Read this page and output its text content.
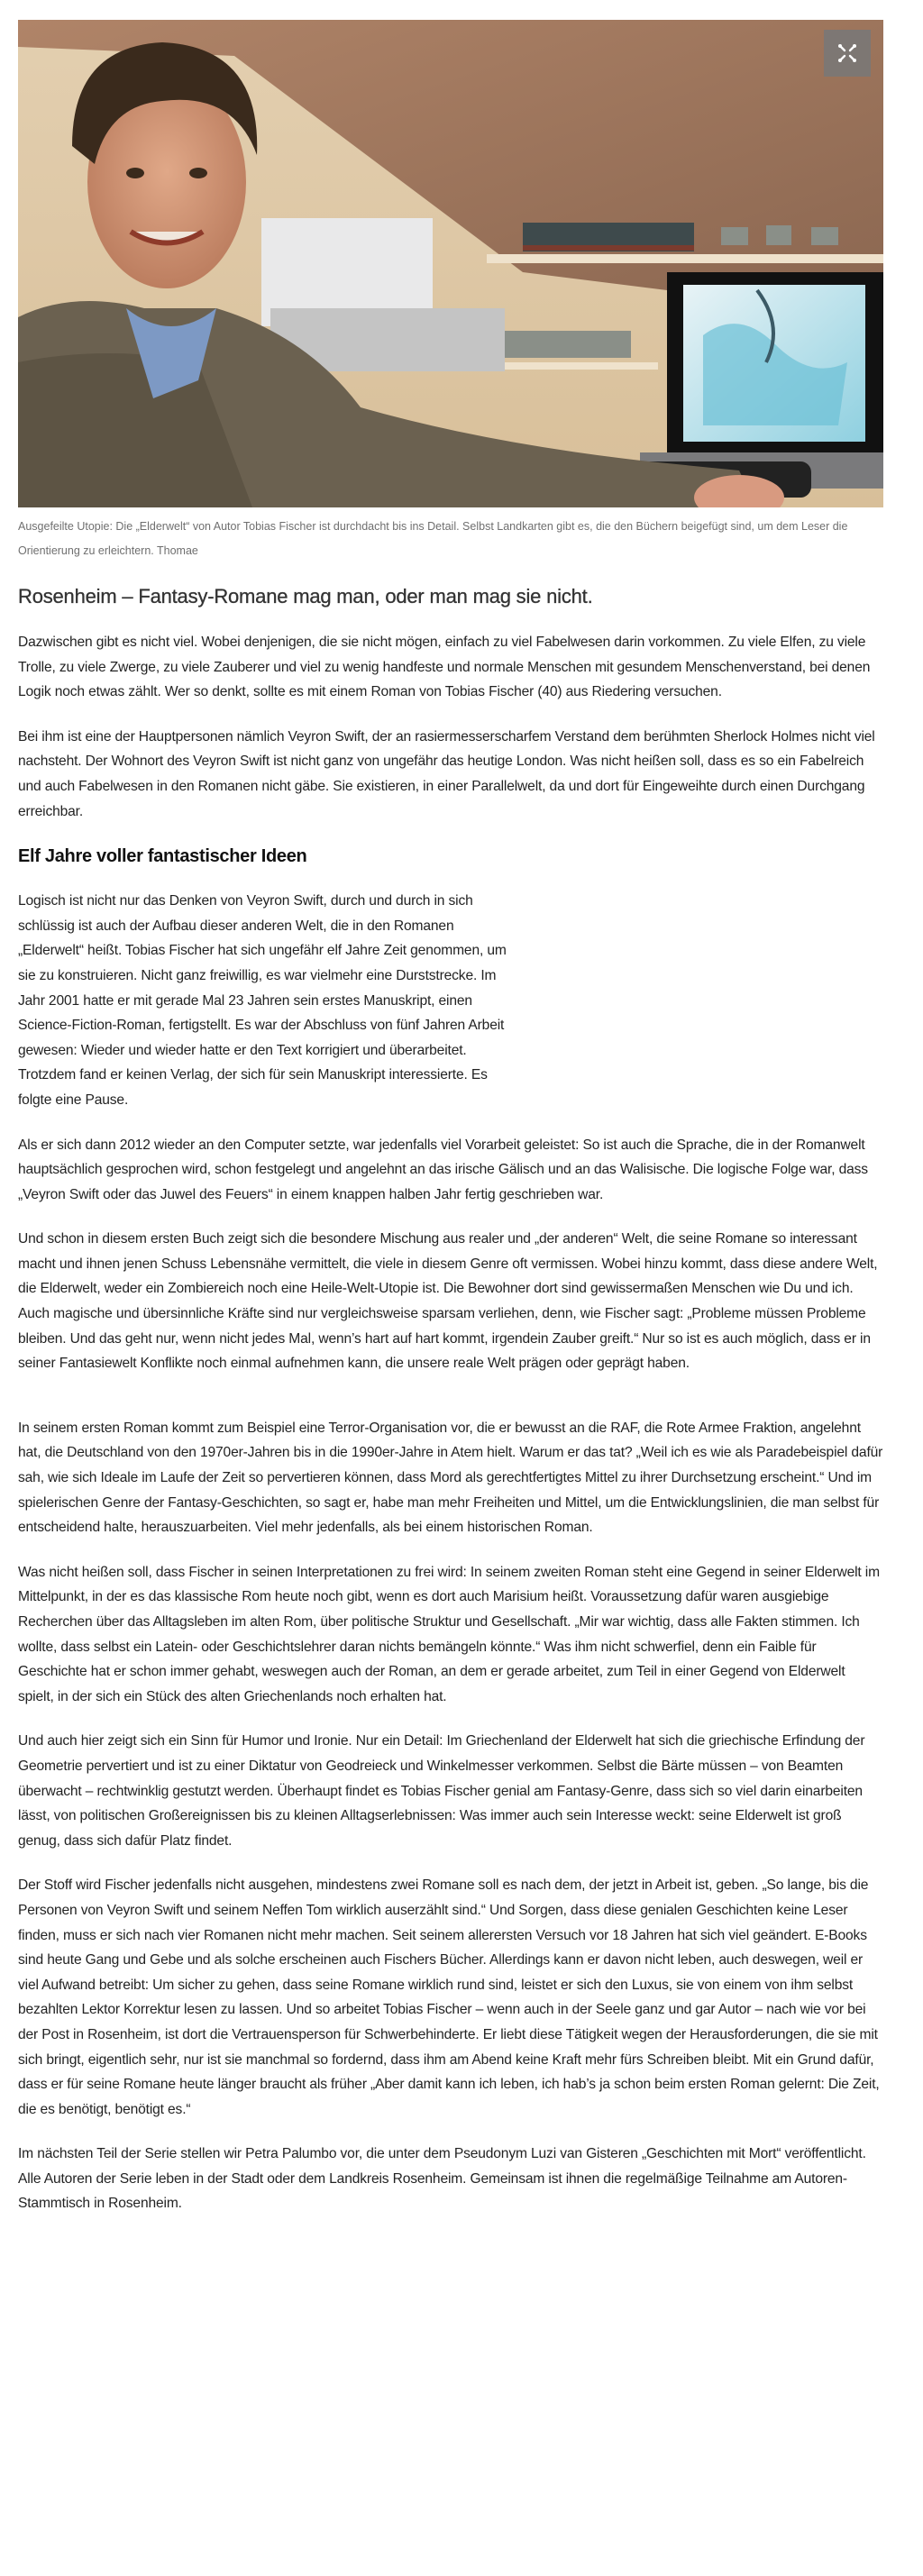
Ausgefeilte Utopie: Die „Elderwelt“ von Autor Tobias Fischer ist durchdacht bis ins Detail. Selbst Landkarten gibt es, die den Büchern beigefügt sind, um dem Leser die Orientierung zu erleichtern. Thomae
Rosenheim – Fantasy-Romane mag man, oder man mag sie nicht.

Dazwischen gibt es nicht viel. Wobei denjenigen, die sie nicht mögen, einfach zu viel Fabelwesen darin vorkommen. Zu viele Elfen, zu viele Trolle, zu viele Zwerge, zu viele Zauberer und viel zu wenig handfeste und normale Menschen mit gesundem Menschenverstand, bei denen Logik noch etwas zählt. Wer so denkt, sollte es mit einem Roman von Tobias Fischer (40) aus Riedering versuchen.

Bei ihm ist eine der Hauptpersonen nämlich Veyron Swift, der an rasiermesserscharfem Verstand dem berühmten Sherlock Holmes nicht viel nachsteht. Der Wohnort des Veyron Swift ist nicht ganz von ungefähr das heutige London. Was nicht heißen soll, dass es so ein Fabelreich und auch Fabelwesen in den Romanen nicht gäbe. Sie existieren, in einer Parallelwelt, da und dort für Eingeweihte durch einen Durchgang erreichbar.

Elf Jahre voller fantastischer Ideen

Logisch ist nicht nur das Denken von Veyron Swift, durch und durch in sich schlüssig ist auch der Aufbau dieser anderen Welt, die in den Romanen „Elderwelt“ heißt. Tobias Fischer hat sich ungefähr elf Jahre Zeit genommen, um sie zu konstruieren. Nicht ganz freiwillig, es war vielmehr eine Durststrecke. Im Jahr 2001 hatte er mit gerade Mal 23 Jahren sein erstes Manuskript, einen Science-Fiction-Roman, fertigstellt. Es war der Abschluss von fünf Jahren Arbeit gewesen: Wieder und wieder hatte er den Text korrigiert und überarbeitet. Trotzdem fand er keinen Verlag, der sich für sein Manuskript interessierte. Es folgte eine Pause.

Als er sich dann 2012 wieder an den Computer setzte, war jedenfalls viel Vorarbeit geleistet: So ist auch die Sprache, die in der Romanwelt hauptsächlich gesprochen wird, schon festgelegt und angelehnt an das irische Gälisch und an das Walisische. Die logische Folge war, dass „Veyron Swift oder das Juwel des Feuers“ in einem knappen halben Jahr fertig geschrieben war.

Und schon in diesem ersten Buch zeigt sich die besondere Mischung aus realer und „der anderen“ Welt, die seine Romane so interessant macht und ihnen jenen Schuss Lebensnähe vermittelt, die viele in diesem Genre oft vermissen. Wobei hinzu kommt, dass diese andere Welt, die Elderwelt, weder ein Zombiereich noch eine Heile-Welt-Utopie ist. Die Bewohner dort sind gewissermaßen Menschen wie Du und ich. Auch magische und übersinnliche Kräfte sind nur vergleichsweise sparsam verliehen, denn, wie Fischer sagt: „Probleme müssen Probleme bleiben. Und das geht nur, wenn nicht jedes Mal, wenn’s hart auf hart kommt, irgendein Zauber greift.“ Nur so ist es auch möglich, dass er in seiner Fantasiewelt Konflikte noch einmal aufnehmen kann, die unsere reale Welt prägen oder geprägt haben.

In seinem ersten Roman kommt zum Beispiel eine Terror-Organisation vor, die er bewusst an die RAF, die Rote Armee Fraktion, angelehnt hat, die Deutschland von den 1970er-Jahren bis in die 1990er-Jahre in Atem hielt. Warum er das tat? „Weil ich es wie als Paradebeispiel dafür sah, wie sich Ideale im Laufe der Zeit so pervertieren können, dass Mord als gerechtfertigtes Mittel zu ihrer Durchsetzung erscheint.“ Und im spielerischen Genre der Fantasy-Geschichten, so sagt er, habe man mehr Freiheiten und Mittel, um die Entwicklungslinien, die man selbst für entscheidend halte, herauszuarbeiten. Viel mehr jedenfalls, als bei einem historischen Roman.

Was nicht heißen soll, dass Fischer in seinen Interpretationen zu frei wird: In seinem zweiten Roman steht eine Gegend in seiner Elderwelt im Mittelpunkt, in der es das klassische Rom heute noch gibt, wenn es dort auch Marisium heißt. Voraussetzung dafür waren ausgiebige Recherchen über das Alltagsleben im alten Rom, über politische Struktur und Gesellschaft. „Mir war wichtig, dass alle Fakten stimmen. Ich wollte, dass selbst ein Latein- oder Geschichtslehrer daran nichts bemängeln könnte.“ Was ihm nicht schwerfiel, denn ein Faible für Geschichte hat er schon immer gehabt, weswegen auch der Roman, an dem er gerade arbeitet, zum Teil in einer Gegend von Elderwelt spielt, in der sich ein Stück des alten Griechenlands noch erhalten hat.

Und auch hier zeigt sich ein Sinn für Humor und Ironie. Nur ein Detail: Im Griechenland der Elderwelt hat sich die griechische Erfindung der Geometrie pervertiert und ist zu einer Diktatur von Geodreieck und Winkelmesser verkommen. Selbst die Bärte müssen – von Beamten überwacht – rechtwinklig gestutzt werden. Überhaupt findet es Tobias Fischer genial am Fantasy-Genre, dass sich so viel darin einarbeiten lässt, von politischen Großereignissen bis zu kleinen Alltagserlebnissen: Was immer auch sein Interesse weckt: seine Elderwelt ist groß genug, dass sich dafür Platz findet.

Der Stoff wird Fischer jedenfalls nicht ausgehen, mindestens zwei Romane soll es nach dem, der jetzt in Arbeit ist, geben. „So lange, bis die Personen von Veyron Swift und seinem Neffen Tom wirklich auserzählt sind.“ Und Sorgen, dass diese genialen Geschichten keine Leser finden, muss er sich nach vier Romanen nicht mehr machen. Seit seinem allerersten Versuch vor 18 Jahren hat sich viel geändert. E-Books sind heute Gang und Gebe und als solche erscheinen auch Fischers Bücher. Allerdings kann er davon nicht leben, auch deswegen, weil er viel Aufwand betreibt: Um sicher zu gehen, dass seine Romane wirklich rund sind, leistet er sich den Luxus, sie von einem von ihm selbst bezahlten Lektor Korrektur lesen zu lassen. Und so arbeitet Tobias Fischer – wenn auch in der Seele ganz und gar Autor – nach wie vor bei der Post in Rosenheim, ist dort die Vertrauensperson für Schwerbehinderte. Er liebt diese Tätigkeit wegen der Herausforderungen, die sie mit sich bringt, eigentlich sehr, nur ist sie manchmal so fordernd, dass ihm am Abend keine Kraft mehr fürs Schreiben bleibt. Mit ein Grund dafür, dass er für seine Romane heute länger braucht als früher „Aber damit kann ich leben, ich hab’s ja schon beim ersten Roman gelernt: Die Zeit, die es benötigt, benötigt es.“

Im nächsten Teil der Serie stellen wir Petra Palumbo vor, die unter dem Pseudonym Luzi van Gisteren „Geschichten mit Mort“ veröffentlicht. Alle Autoren der Serie leben in der Stadt oder dem Landkreis Rosenheim. Gemeinsam ist ihnen die regelmäßige Teilnahme am Autoren-Stammtisch in Rosenheim.
